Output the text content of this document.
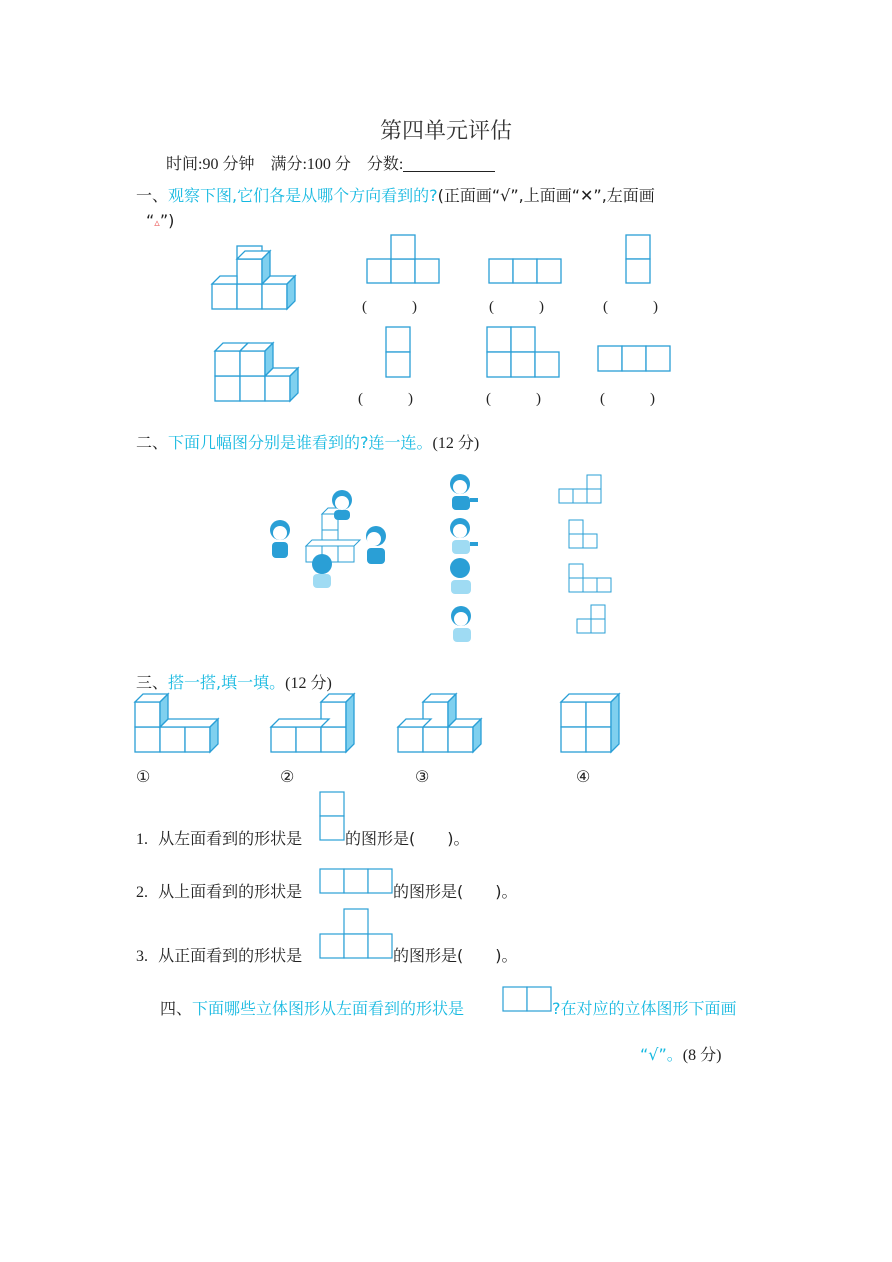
第四单元评估
时间:90 分钟 满分:100 分 分数:
一、观察下图,它们各是从哪个方向看到的?(正面画“√”,上面画“✕”,左面画
“▵”)
(　　　)	(　　　)	(　　　)
(　　　)	(　　　)	(　　　)
二、下面几幅图分别是谁看到的?连一连。(12 分)
三、搭一搭,填一填。(12 分)
①	②	③	④
1. 从左面看到的形状是	的图形是(　　)。
2. 从上面看到的形状是	的图形是(　　)。
3. 从正面看到的形状是	的图形是(　　)。
四、下面哪些立体图形从左面看到的形状是	?在对应的立体图形下面画
“√”。(8 分)
